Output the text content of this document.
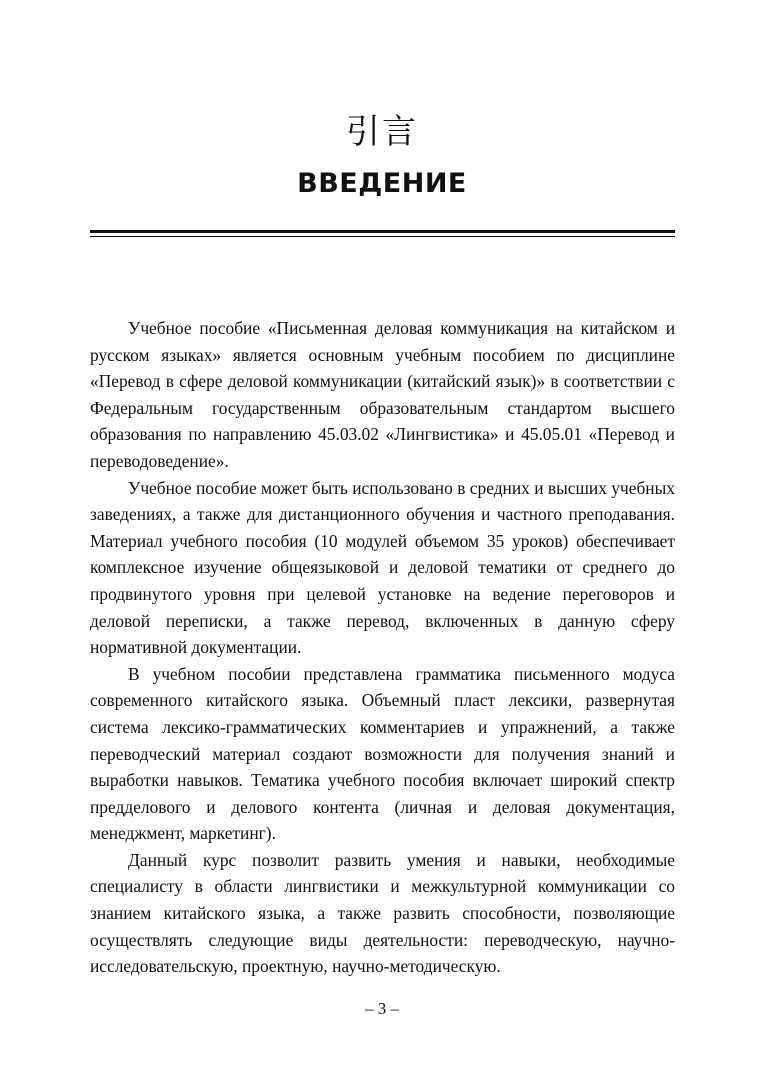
引言
ВВЕДЕНИЕ

Учебное пособие «Письменная деловая коммуникация на китайском и русском языках» является основным учебным пособием по дисциплине «Перевод в сфере деловой коммуникации (китайский язык)» в соответствии с Федеральным государственным образовательным стандартом высшего образования по направлению 45.03.02 «Лингвистика» и 45.05.01 «Перевод и переводоведение».

Учебное пособие может быть использовано в средних и высших учебных заведениях, а также для дистанционного обучения и частного преподавания. Материал учебного пособия (10 модулей объемом 35 уроков) обеспечивает комплексное изучение общеязыковой и деловой тематики от среднего до продвинутого уровня при целевой установке на ведение переговоров и деловой переписки, а также перевод, включенных в данную сферу нормативной документации.

В учебном пособии представлена грамматика письменного модуса современного китайского языка. Объемный пласт лексики, развернутая система лексико-грамматических комментариев и упражнений, а также переводческий материал создают возможности для получения знаний и выработки навыков. Тематика учебного пособия включает широкий спектр предделового и делового контента (личная и деловая документация, менеджмент, маркетинг).

Данный курс позволит развить умения и навыки, необходимые специалисту в области лингвистики и межкультурной коммуникации со знанием китайского языка, а также развить способности, позволяющие осуществлять следующие виды деятельности: переводческую, научно-исследовательскую, проектную, научно-методическую.

– 3 –
